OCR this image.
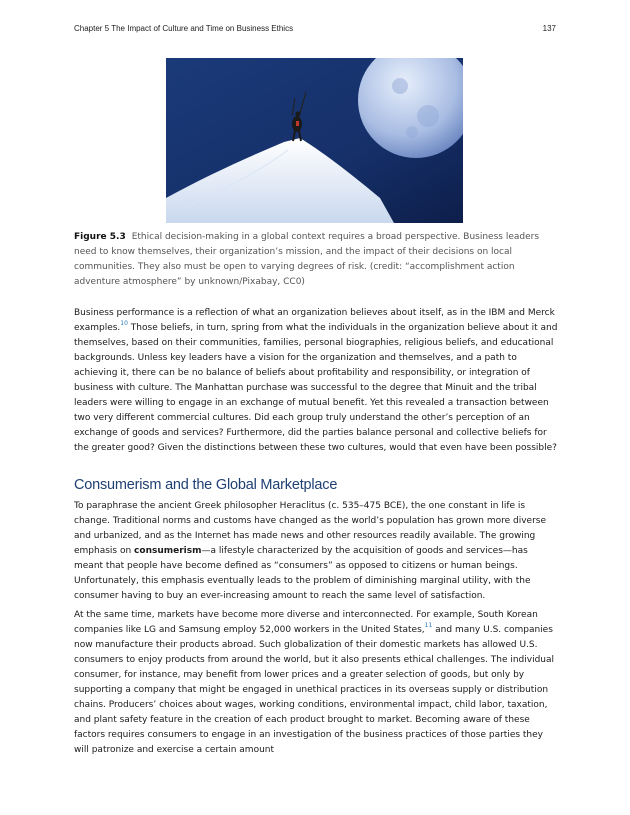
Chapter 5 The Impact of Culture and Time on Business Ethics	137
Figure 5.3 Ethical decision-making in a global context requires a broad perspective. Business leaders need to know themselves, their organization’s mission, and the impact of their decisions on local communities. They also must be open to varying degrees of risk. (credit: “accomplishment action adventure atmosphere” by unknown/Pixabay, CC0)

Business performance is a reflection of what an organization believes about itself, as in the IBM and Merck examples.$^{10}$ Those beliefs, in turn, spring from what the individuals in the organization believe about it and themselves, based on their communities, families, personal biographies, religious beliefs, and educational backgrounds. Unless key leaders have a vision for the organization and themselves, and a path to achieving it, there can be no balance of beliefs about profitability and responsibility, or integration of business with culture. The Manhattan purchase was successful to the degree that Minuit and the tribal leaders were willing to engage in an exchange of mutual benefit. Yet this revealed a transaction between two very different commercial cultures. Did each group truly understand the other’s perception of an exchange of goods and services? Furthermore, did the parties balance personal and collective beliefs for the greater good? Given the distinctions between these two cultures, would that even have been possible?

Consumerism and the Global Marketplace

To paraphrase the ancient Greek philosopher Heraclitus (c. 535–475 BCE), the one constant in life is change. Traditional norms and customs have changed as the world’s population has grown more diverse and urbanized, and as the Internet has made news and other resources readily available. The growing emphasis on consumerism—a lifestyle characterized by the acquisition of goods and services—has meant that people have become defined as “consumers” as opposed to citizens or human beings. Unfortunately, this emphasis eventually leads to the problem of diminishing marginal utility, with the consumer having to buy an ever-increasing amount to reach the same level of satisfaction.

At the same time, markets have become more diverse and interconnected. For example, South Korean companies like LG and Samsung employ 52,000 workers in the United States,$^{11}$ and many U.S. companies now manufacture their products abroad. Such globalization of their domestic markets has allowed U.S. consumers to enjoy products from around the world, but it also presents ethical challenges. The individual consumer, for instance, may benefit from lower prices and a greater selection of goods, but only by supporting a company that might be engaged in unethical practices in its overseas supply or distribution chains. Producers’ choices about wages, working conditions, environmental impact, child labor, taxation, and plant safety feature in the creation of each product brought to market. Becoming aware of these factors requires consumers to engage in an investigation of the business practices of those parties they will patronize and exercise a certain amount
